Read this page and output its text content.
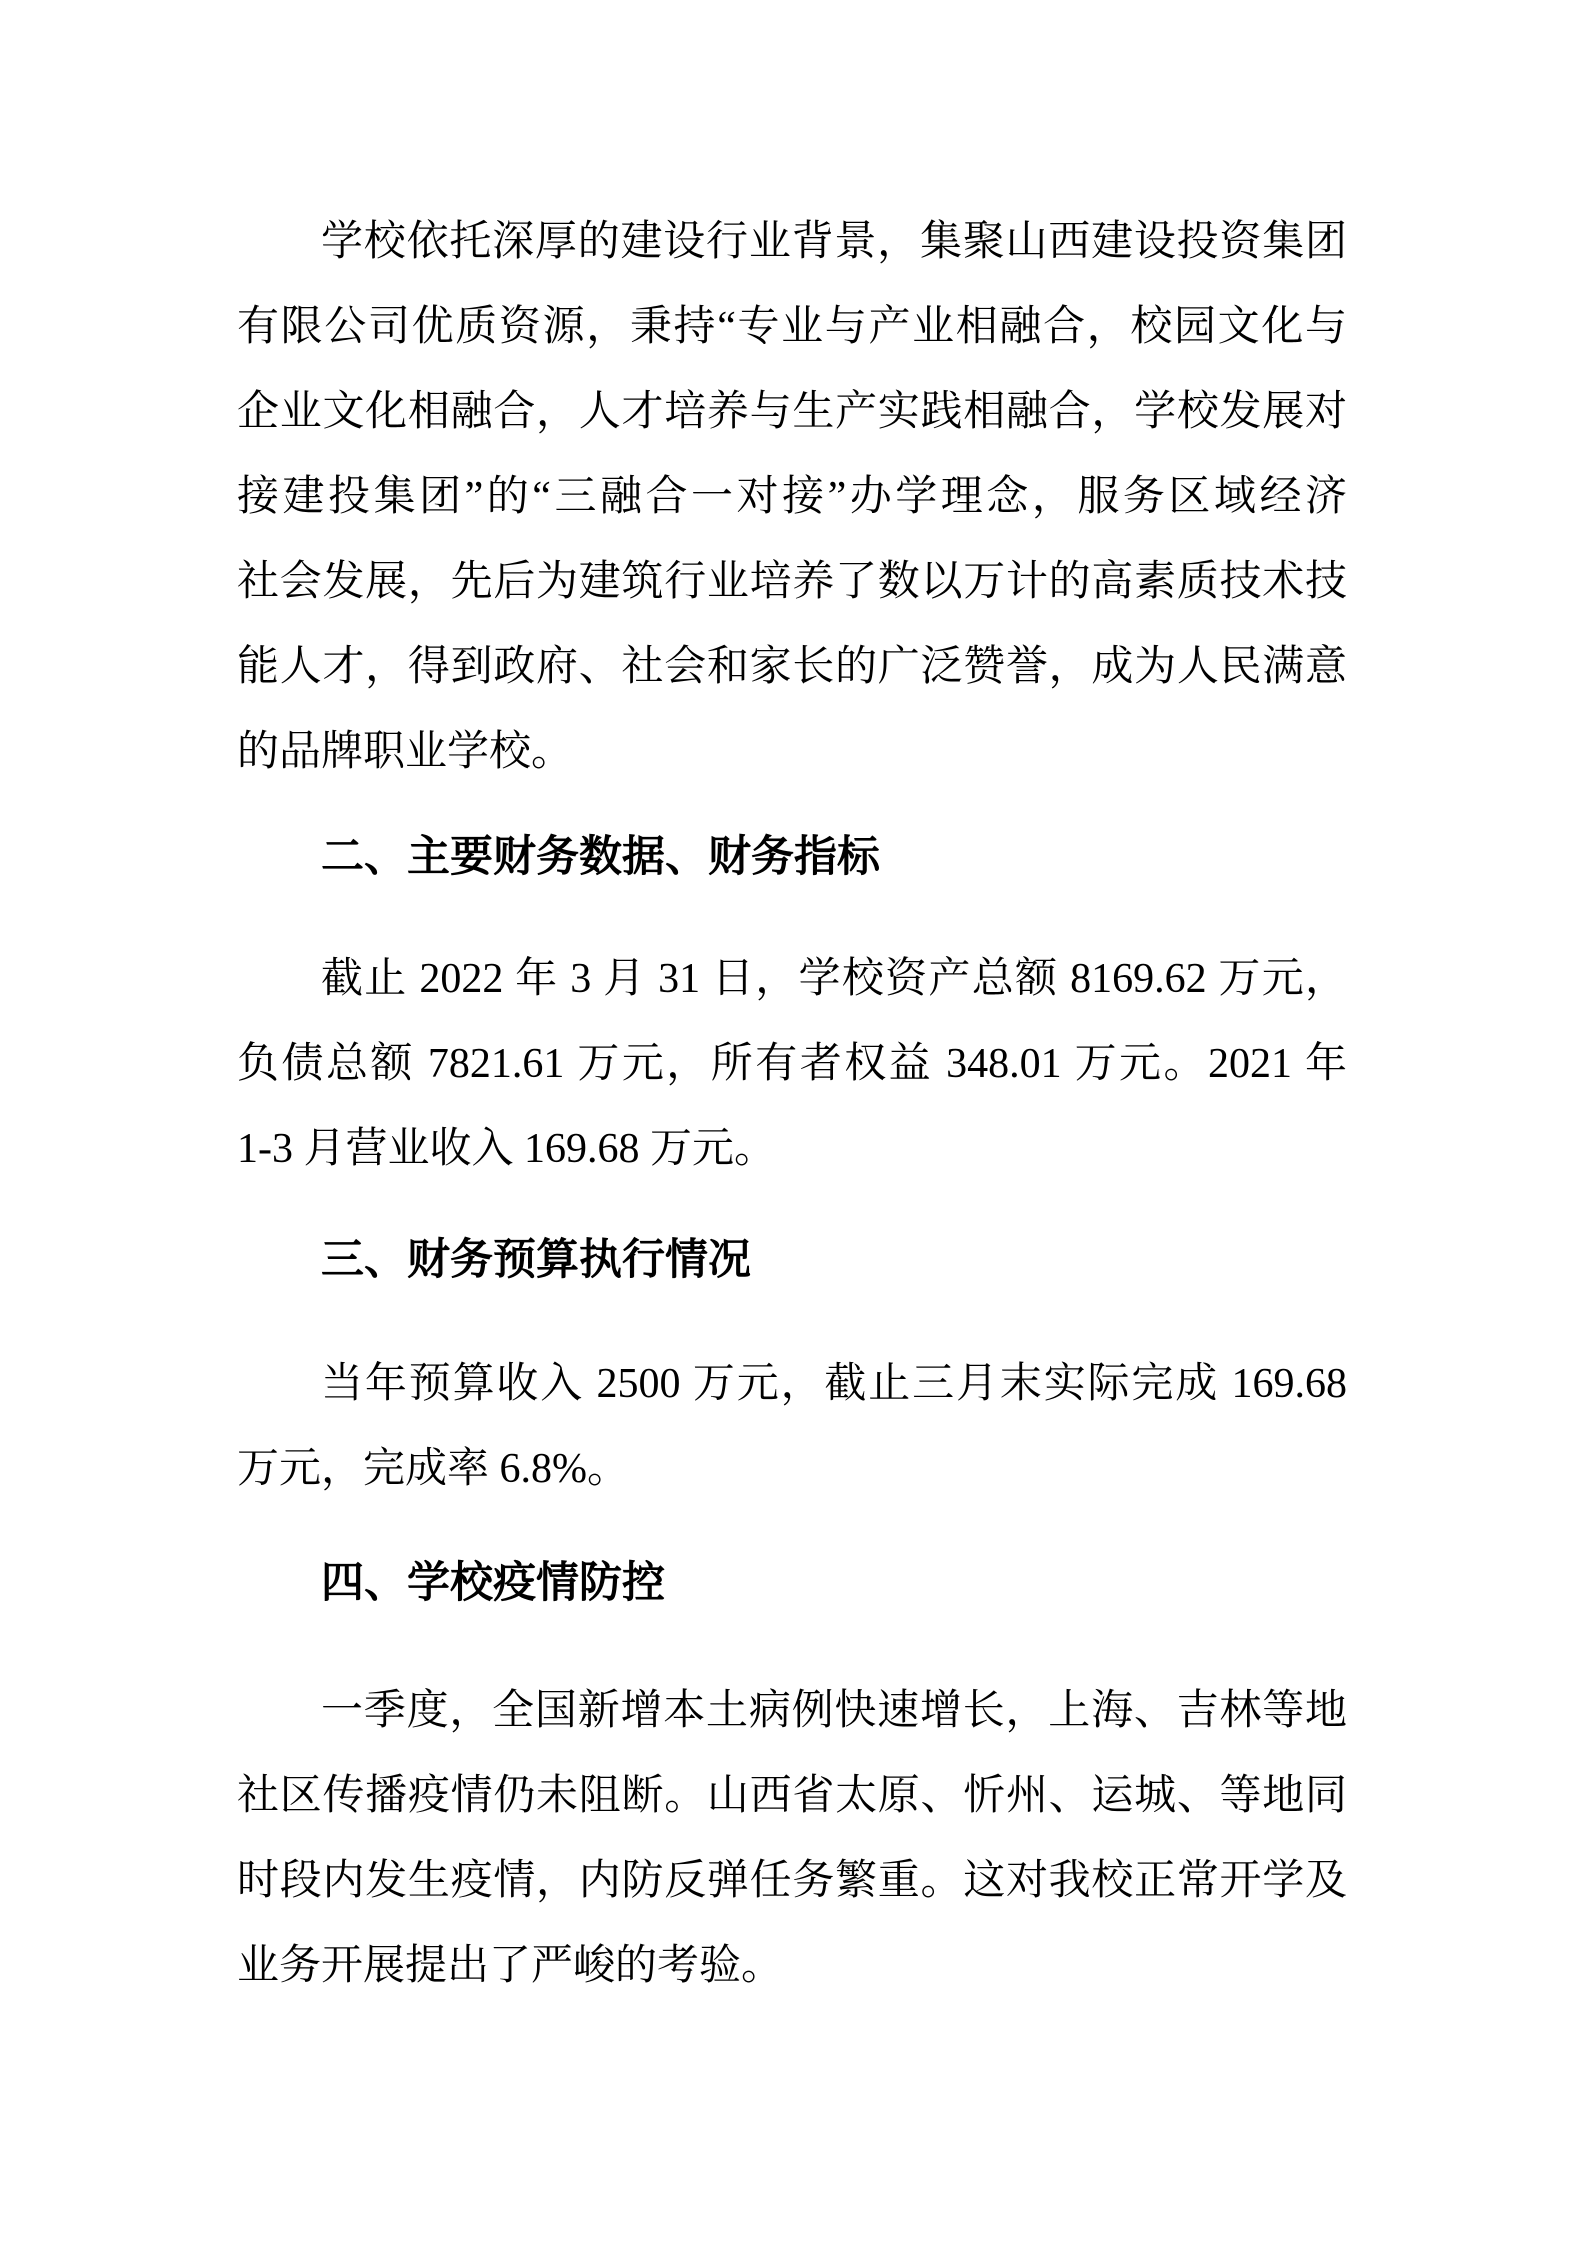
学校依托深厚的建设行业背景，集聚山西建设投资集团
有限公司优质资源，秉持“专业与产业相融合，校园文化与
企业文化相融合，人才培养与生产实践相融合，学校发展对
接建投集团”的“三融合一对接”办学理念，服务区域经济
社会发展，先后为建筑行业培养了数以万计的高素质技术技
能人才，得到政府、社会和家长的广泛赞誉，成为人民满意
的品牌职业学校。
二、主要财务数据、财务指标
截止 2022 年 3 月 31 日，学校资产总额 8169.62 万元，
负债总额 7821.61 万元，所有者权益 348.01 万元。2021 年
1-3 月营业收入 169.68 万元。
三、财务预算执行情况
当年预算收入 2500 万元，截止三月末实际完成 169.68
万元，完成率 6.8%。
四、学校疫情防控
一季度，全国新增本土病例快速增长，上海、吉林等地
社区传播疫情仍未阻断。山西省太原、忻州、运城、等地同
时段内发生疫情，内防反弹任务繁重。这对我校正常开学及
业务开展提出了严峻的考验。
